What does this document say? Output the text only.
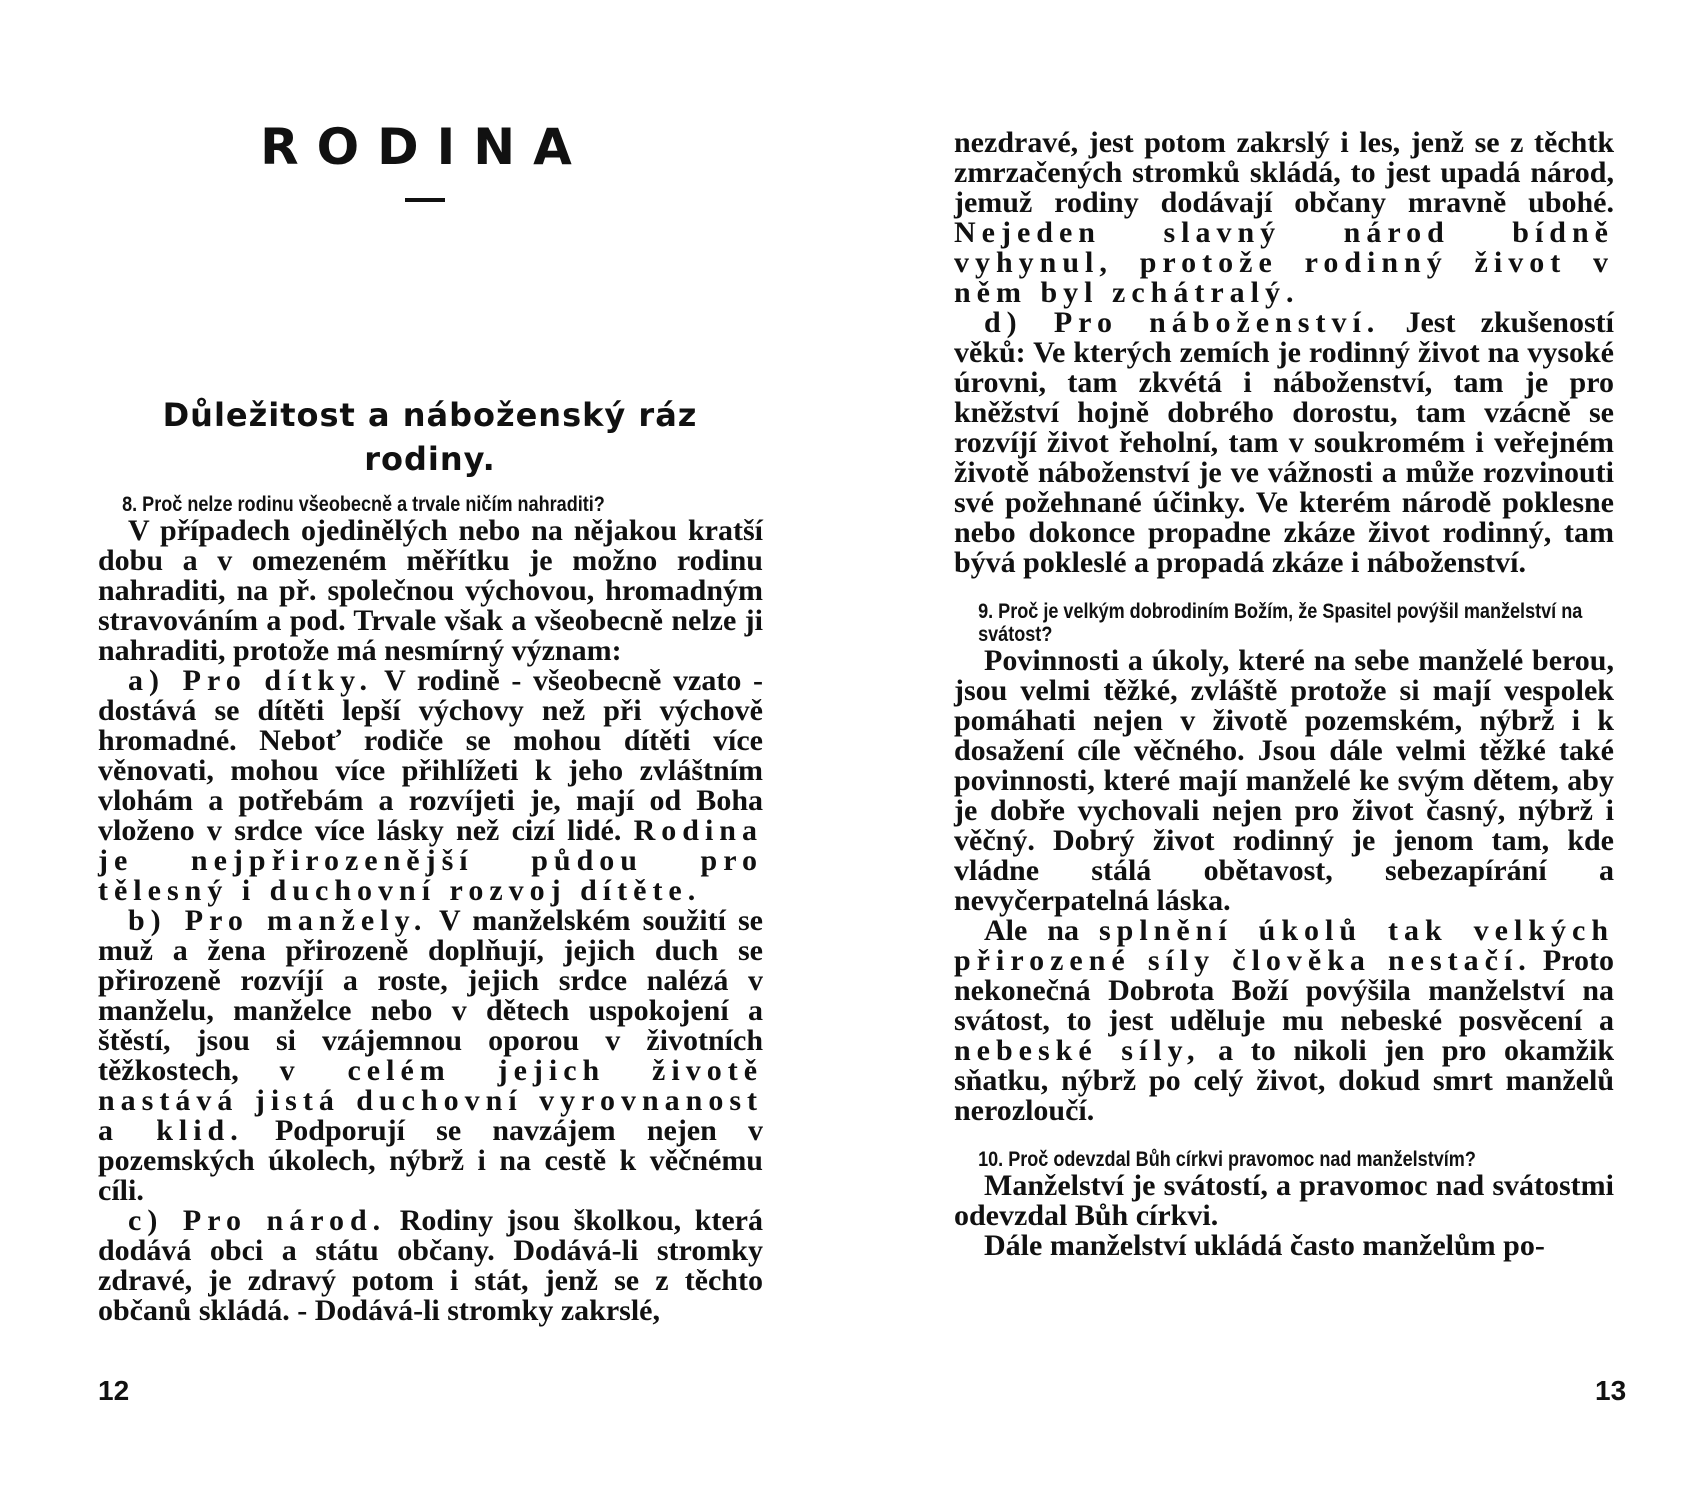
RODINA
Důležitost a náboženský ráz rodiny.

8. Proč nelze rodinu všeobecně a trvale ničím nahraditi?

V případech ojedinělých nebo na nějakou kratší dobu a v omezeném měřítku je možno rodinu nahraditi, na př. společnou výchovou, hromadným stravováním a pod. Trvale však a všeobecně nelze ji nahraditi, protože má nesmírný význam:

a) Pro dítky. V rodině - všeobecně vzato - dostává se dítěti lepší výchovy než při výchově hromadné. Neboť rodiče se mohou dítěti více věnovati, mohou více přihlížeti k jeho zvláštním vlohám a potřebám a rozvíjeti je, mají od Boha vloženo v srdce více lásky než cizí lidé. Rodina je nejpřirozenější půdou pro tělesný i duchovní rozvoj dítěte.

b) Pro manžely. V manželském soužití se muž a žena přirozeně doplňují, jejich duch se přirozeně rozvíjí a roste, jejich srdce nalézá v manželu, manželce nebo v dětech uspokojení a štěstí, jsou si vzájemnou oporou v životních těžkostech, v celém jejich životě nastává jistá duchovní vyrovnanost a klid. Podporují se navzájem nejen v pozemských úkolech, nýbrž i na cestě k věčnému cíli.

c) Pro národ. Rodiny jsou školkou, která dodává obci a státu občany. Dodává-li stromky zdravé, je zdravý potom i stát, jenž se z těchto občanů skládá. - Dodává-li stromky zakrslé,

12

nezdravé, jest potom zakrslý i les, jenž se z těchtk zmrzačených stromků skládá, to jest upadá národ, jemuž rodiny dodávají občany mravně ubohé. Nejeden slavný národ bídně vyhynul, protože rodinný život v něm byl zchátralý.

d) Pro náboženství. Jest zkušeností věků: Ve kterých zemích je rodinný život na vysoké úrovni, tam zkvétá i náboženství, tam je pro kněžství hojně dobrého dorostu, tam vzácně se rozvíjí život řeholní, tam v soukromém i veřejném životě náboženství je ve vážnosti a může rozvinouti své požehnané účinky. Ve kterém národě poklesne nebo dokonce propadne zkáze život rodinný, tam bývá pokleslé a propadá zkáze i náboženství.

9. Proč je velkým dobrodiním Božím, že Spasitel povýšil manželství na svátost?

Povinnosti a úkoly, které na sebe manželé berou, jsou velmi těžké, zvláště protože si mají vespolek pomáhati nejen v životě pozemském, nýbrž i k dosažení cíle věčného. Jsou dále velmi těžké také povinnosti, které mají manželé ke svým dětem, aby je dobře vychovali nejen pro život časný, nýbrž i věčný. Dobrý život rodinný je jenom tam, kde vládne stálá obětavost, sebezapírání a nevyčerpatelná láska.

Ale na splnění úkolů tak velkých přirozené síly člověka nestačí. Proto nekonečná Dobrota Boží povýšila manželství na svátost, to jest uděluje mu nebeské posvěcení a nebeské síly, a to nikoli jen pro okamžik sňatku, nýbrž po celý život, dokud smrt manželů nerozloučí.

10. Proč odevzdal Bůh církvi pravomoc nad manželstvím?

Manželství je svátostí, a pravomoc nad svátostmi odevzdal Bůh církvi.

Dále manželství ukládá často manželům po-

13
